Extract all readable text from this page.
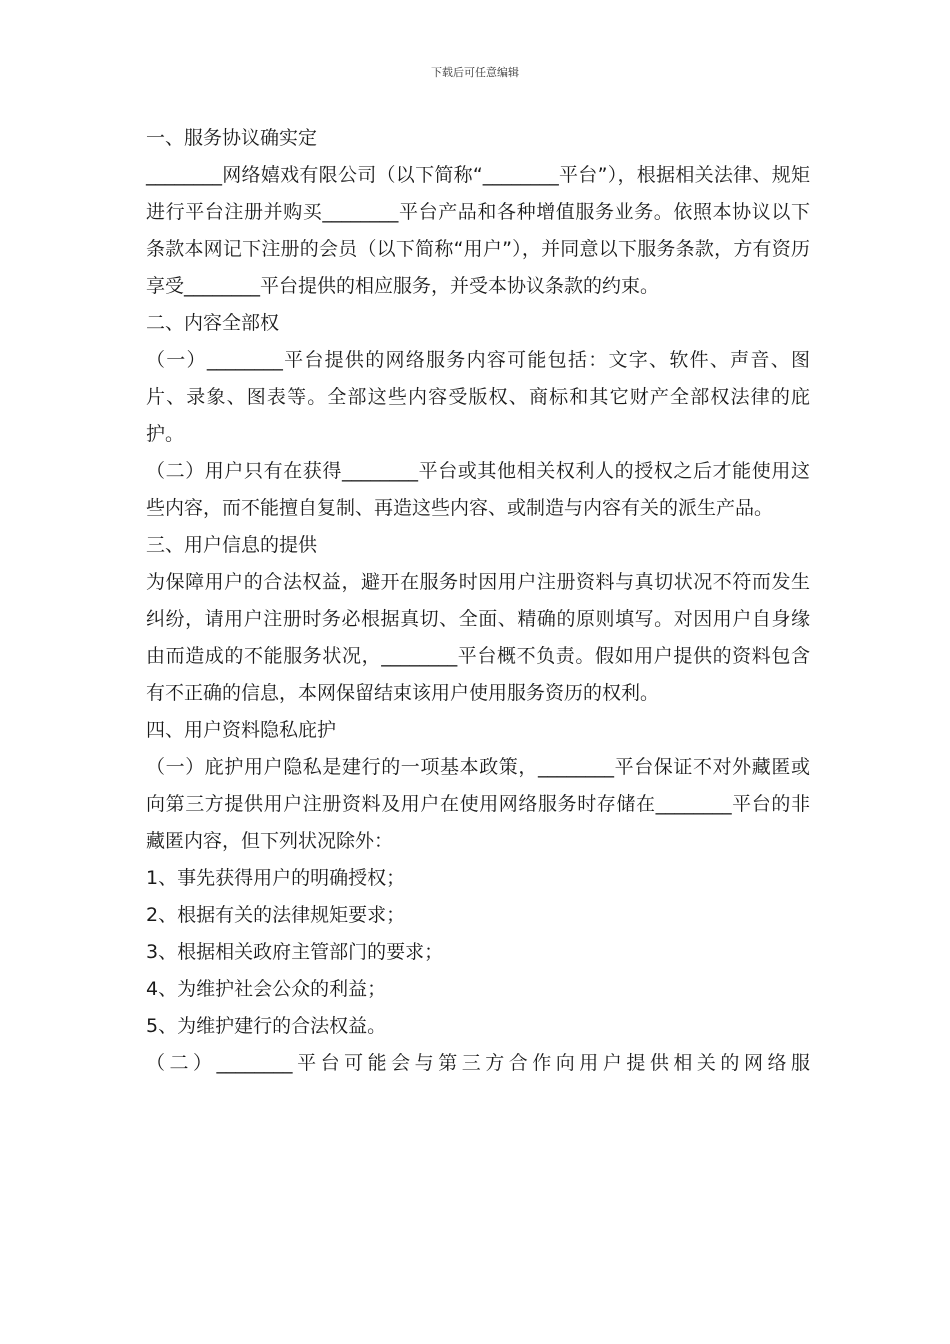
下载后可任意编辑

一、服务协议确实定

________网络嬉戏有限公司（以下简称“________平台”），根据相关法律、规矩进行平台注册并购买________平台产品和各种增值服务业务。依照本协议以下条款本网记下注册的会员（以下简称“用户”），并同意以下服务条款，方有资历享受________平台提供的相应服务，并受本协议条款的约束。

二、内容全部权

（一）________平台提供的网络服务内容可能包括：文字、软件、声音、图片、录象、图表等。全部这些内容受版权、商标和其它财产全部权法律的庇护。

（二）用户只有在获得________平台或其他相关权利人的授权之后才能使用这些内容，而不能擅自复制、再造这些内容、或制造与内容有关的派生产品。

三、用户信息的提供

为保障用户的合法权益，避开在服务时因用户注册资料与真切状况不符而发生纠纷，请用户注册时务必根据真切、全面、精确的原则填写。对因用户自身缘由而造成的不能服务状况，________平台概不负责。假如用户提供的资料包含有不正确的信息，本网保留结束该用户使用服务资历的权利。

四、用户资料隐私庇护

（一）庇护用户隐私是建行的一项基本政策，________平台保证不对外藏匿或向第三方提供用户注册资料及用户在使用网络服务时存储在________平台的非藏匿内容，但下列状况除外：

1、事先获得用户的明确授权；

2、根据有关的法律规矩要求；

3、根据相关政府主管部门的要求；

4、为维护社会公众的利益；

5、为维护建行的合法权益。

（二）________平台可能会与第三方合作向用户提供相关的网络服
